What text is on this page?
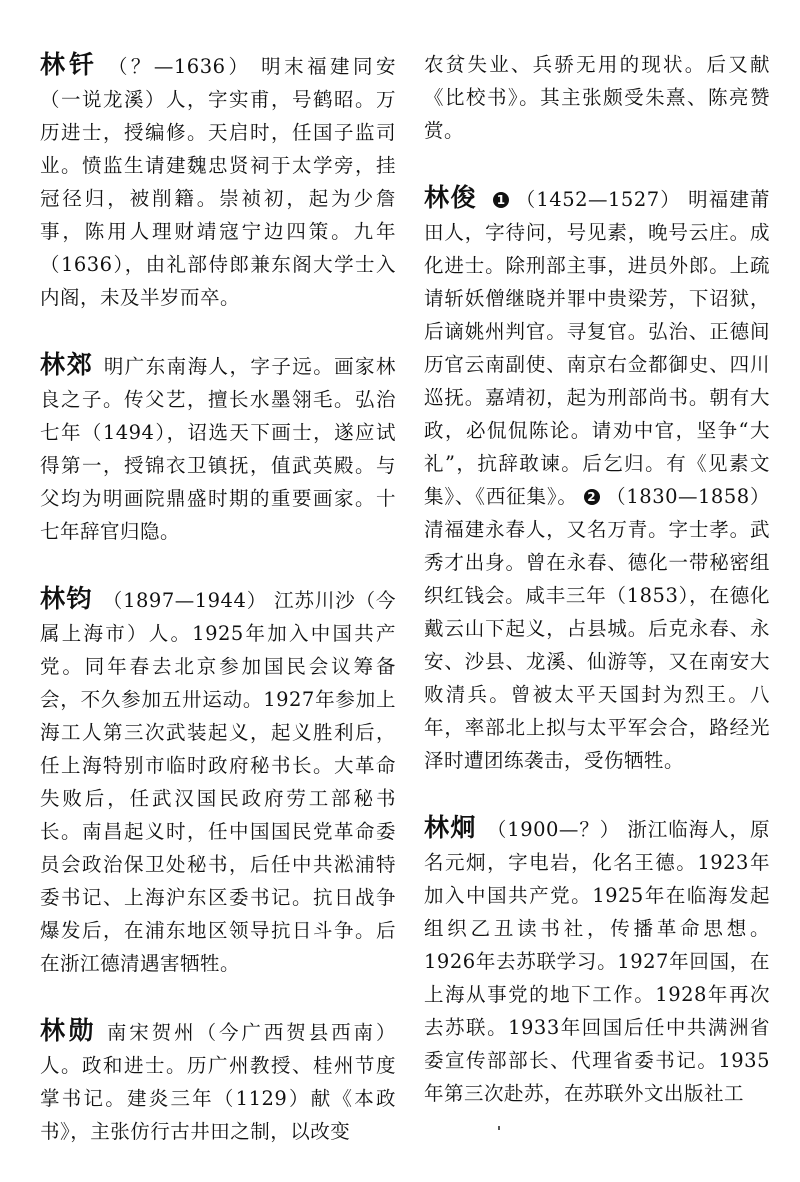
林钎 （？—1636） 明末福建同安（一说龙溪）人，字实甫，号鹤昭。万历进士，授编修。天启时，任国子监司业。愤监生请建魏忠贤祠于太学旁，挂冠径归，被削籍。崇祯初，起为少詹事，陈用人理财靖寇宁边四策。九年（1636），由礼部侍郎兼东阁大学士入内阁，未及半岁而卒。

林郊 明广东南海人，字子远。画家林良之子。传父艺，擅长水墨翎毛。弘治七年（1494），诏选天下画士，遂应试得第一，授锦衣卫镇抚，值武英殿。与父均为明画院鼎盛时期的重要画家。十七年辞官归隐。

林钧 （1897—1944） 江苏川沙（今属上海市）人。1925年加入中国共产党。同年春去北京参加国民会议筹备会，不久参加五卅运动。1927年参加上海工人第三次武装起义，起义胜利后，任上海特别市临时政府秘书长。大革命失败后，任武汉国民政府劳工部秘书长。南昌起义时，任中国国民党革命委员会政治保卫处秘书，后任中共淞浦特委书记、上海沪东区委书记。抗日战争爆发后，在浦东地区领导抗日斗争。后在浙江德清遇害牺牲。

林勋 南宋贺州（今广西贺县西南）人。政和进士。历广州教授、桂州节度掌书记。建炎三年（1129）献《本政书》，主张仿行古井田之制，以改变

农贫失业、兵骄无用的现状。后又献《比校书》。其主张颇受朱熹、陈亮赞赏。

林俊 1 （1452—1527） 明福建莆田人，字待问，号见素，晚号云庄。成化进士。除刑部主事，进员外郎。上疏请斩妖僧继晓并罪中贵梁芳，下诏狱，后谪姚州判官。寻复官。弘治、正德间历官云南副使、南京右佥都御史、四川巡抚。嘉靖初，起为刑部尚书。朝有大政，必侃侃陈论。请劝中官，坚争“大礼”，抗辞敢谏。后乞归。有《见素文集》、《西征集》。 2 （1830—1858） 清福建永春人，又名万青。字士孝。武秀才出身。曾在永春、德化一带秘密组织红钱会。咸丰三年（1853），在德化戴云山下起义，占县城。后克永春、永安、沙县、龙溪、仙游等，又在南安大败清兵。曾被太平天国封为烈王。八年，率部北上拟与太平军会合，路经光泽时遭团练袭击，受伤牺牲。

林炯 （1900—？） 浙江临海人，原名元炯，字电岩，化名王德。1923年加入中国共产党。1925年在临海发起组织乙丑读书社，传播革命思想。1926年去苏联学习。1927年回国，在上海从事党的地下工作。1928年再次去苏联。1933年回国后任中共满洲省委宣传部部长、代理省委书记。1935年第三次赴苏，在苏联外文出版社工
